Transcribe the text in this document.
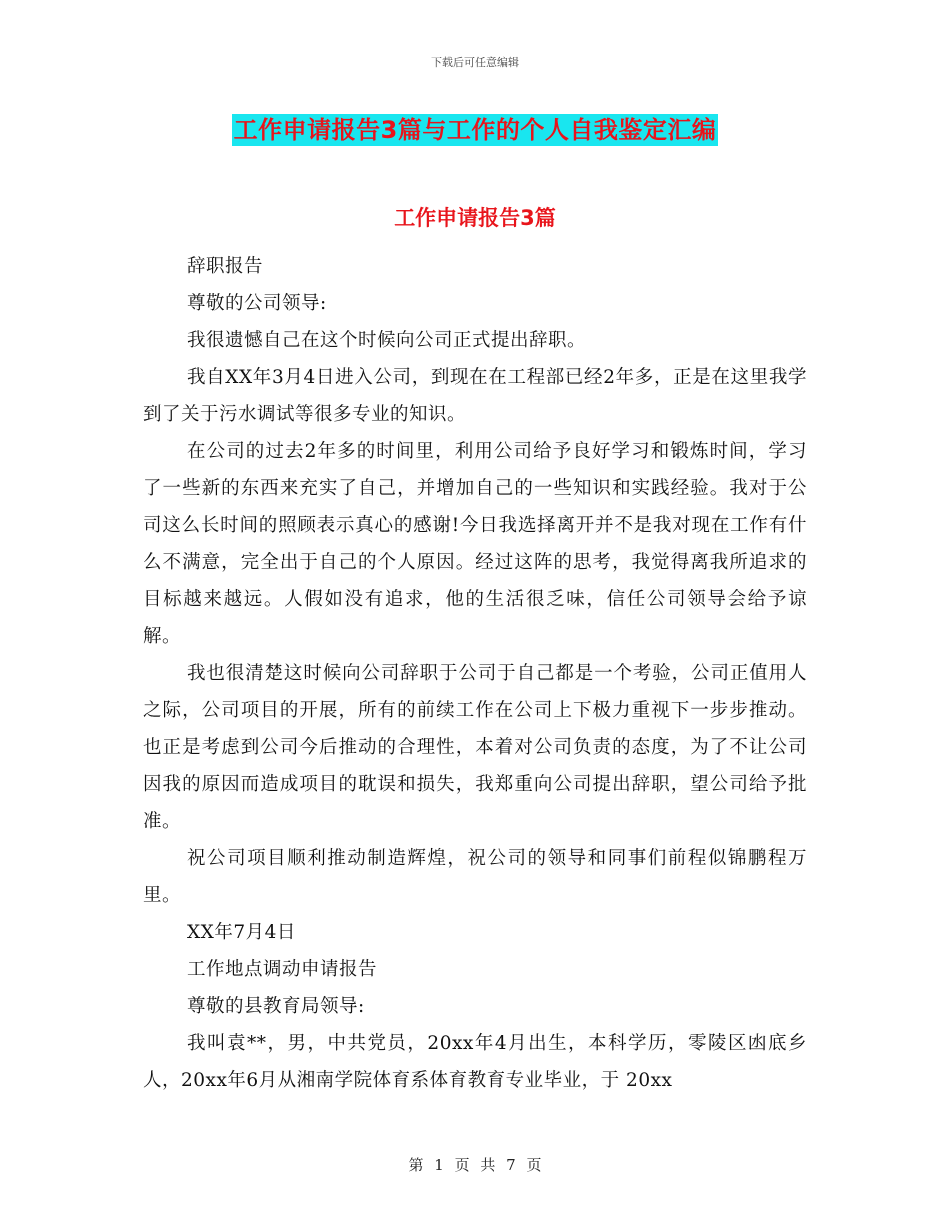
下载后可任意编辑
工作申请报告3篇与工作的个人自我鉴定汇编
工作申请报告3篇

辞职报告

尊敬的公司领导:

我很遗憾自己在这个时候向公司正式提出辞职。

我自XX年3月4日进入公司，到现在在工程部已经2年多，正是在这里我学到了关于污水调试等很多专业的知识。

在公司的过去2年多的时间里，利用公司给予良好学习和锻炼时间，学习了一些新的东西来充实了自己，并增加自己的一些知识和实践经验。我对于公司这么长时间的照顾表示真心的感谢!今日我选择离开并不是我对现在工作有什么不满意，完全出于自己的个人原因。经过这阵的思考，我觉得离我所追求的目标越来越远。人假如没有追求，他的生活很乏味，信任公司领导会给予谅解。

我也很清楚这时候向公司辞职于公司于自己都是一个考验，公司正值用人之际，公司项目的开展，所有的前续工作在公司上下极力重视下一步步推动。也正是考虑到公司今后推动的合理性，本着对公司负责的态度，为了不让公司因我的原因而造成项目的耽误和损失，我郑重向公司提出辞职，望公司给予批准。

祝公司项目顺利推动制造辉煌，祝公司的领导和同事们前程似锦鹏程万里。

XX年7月4日

工作地点调动申请报告

尊敬的县教育局领导:

我叫袁**，男，中共党员，20xx年4月出生，本科学历，零陵区凼底乡人，20xx年6月从湘南学院体育系体育教育专业毕业，于 20xx

第 1 页 共 7 页
